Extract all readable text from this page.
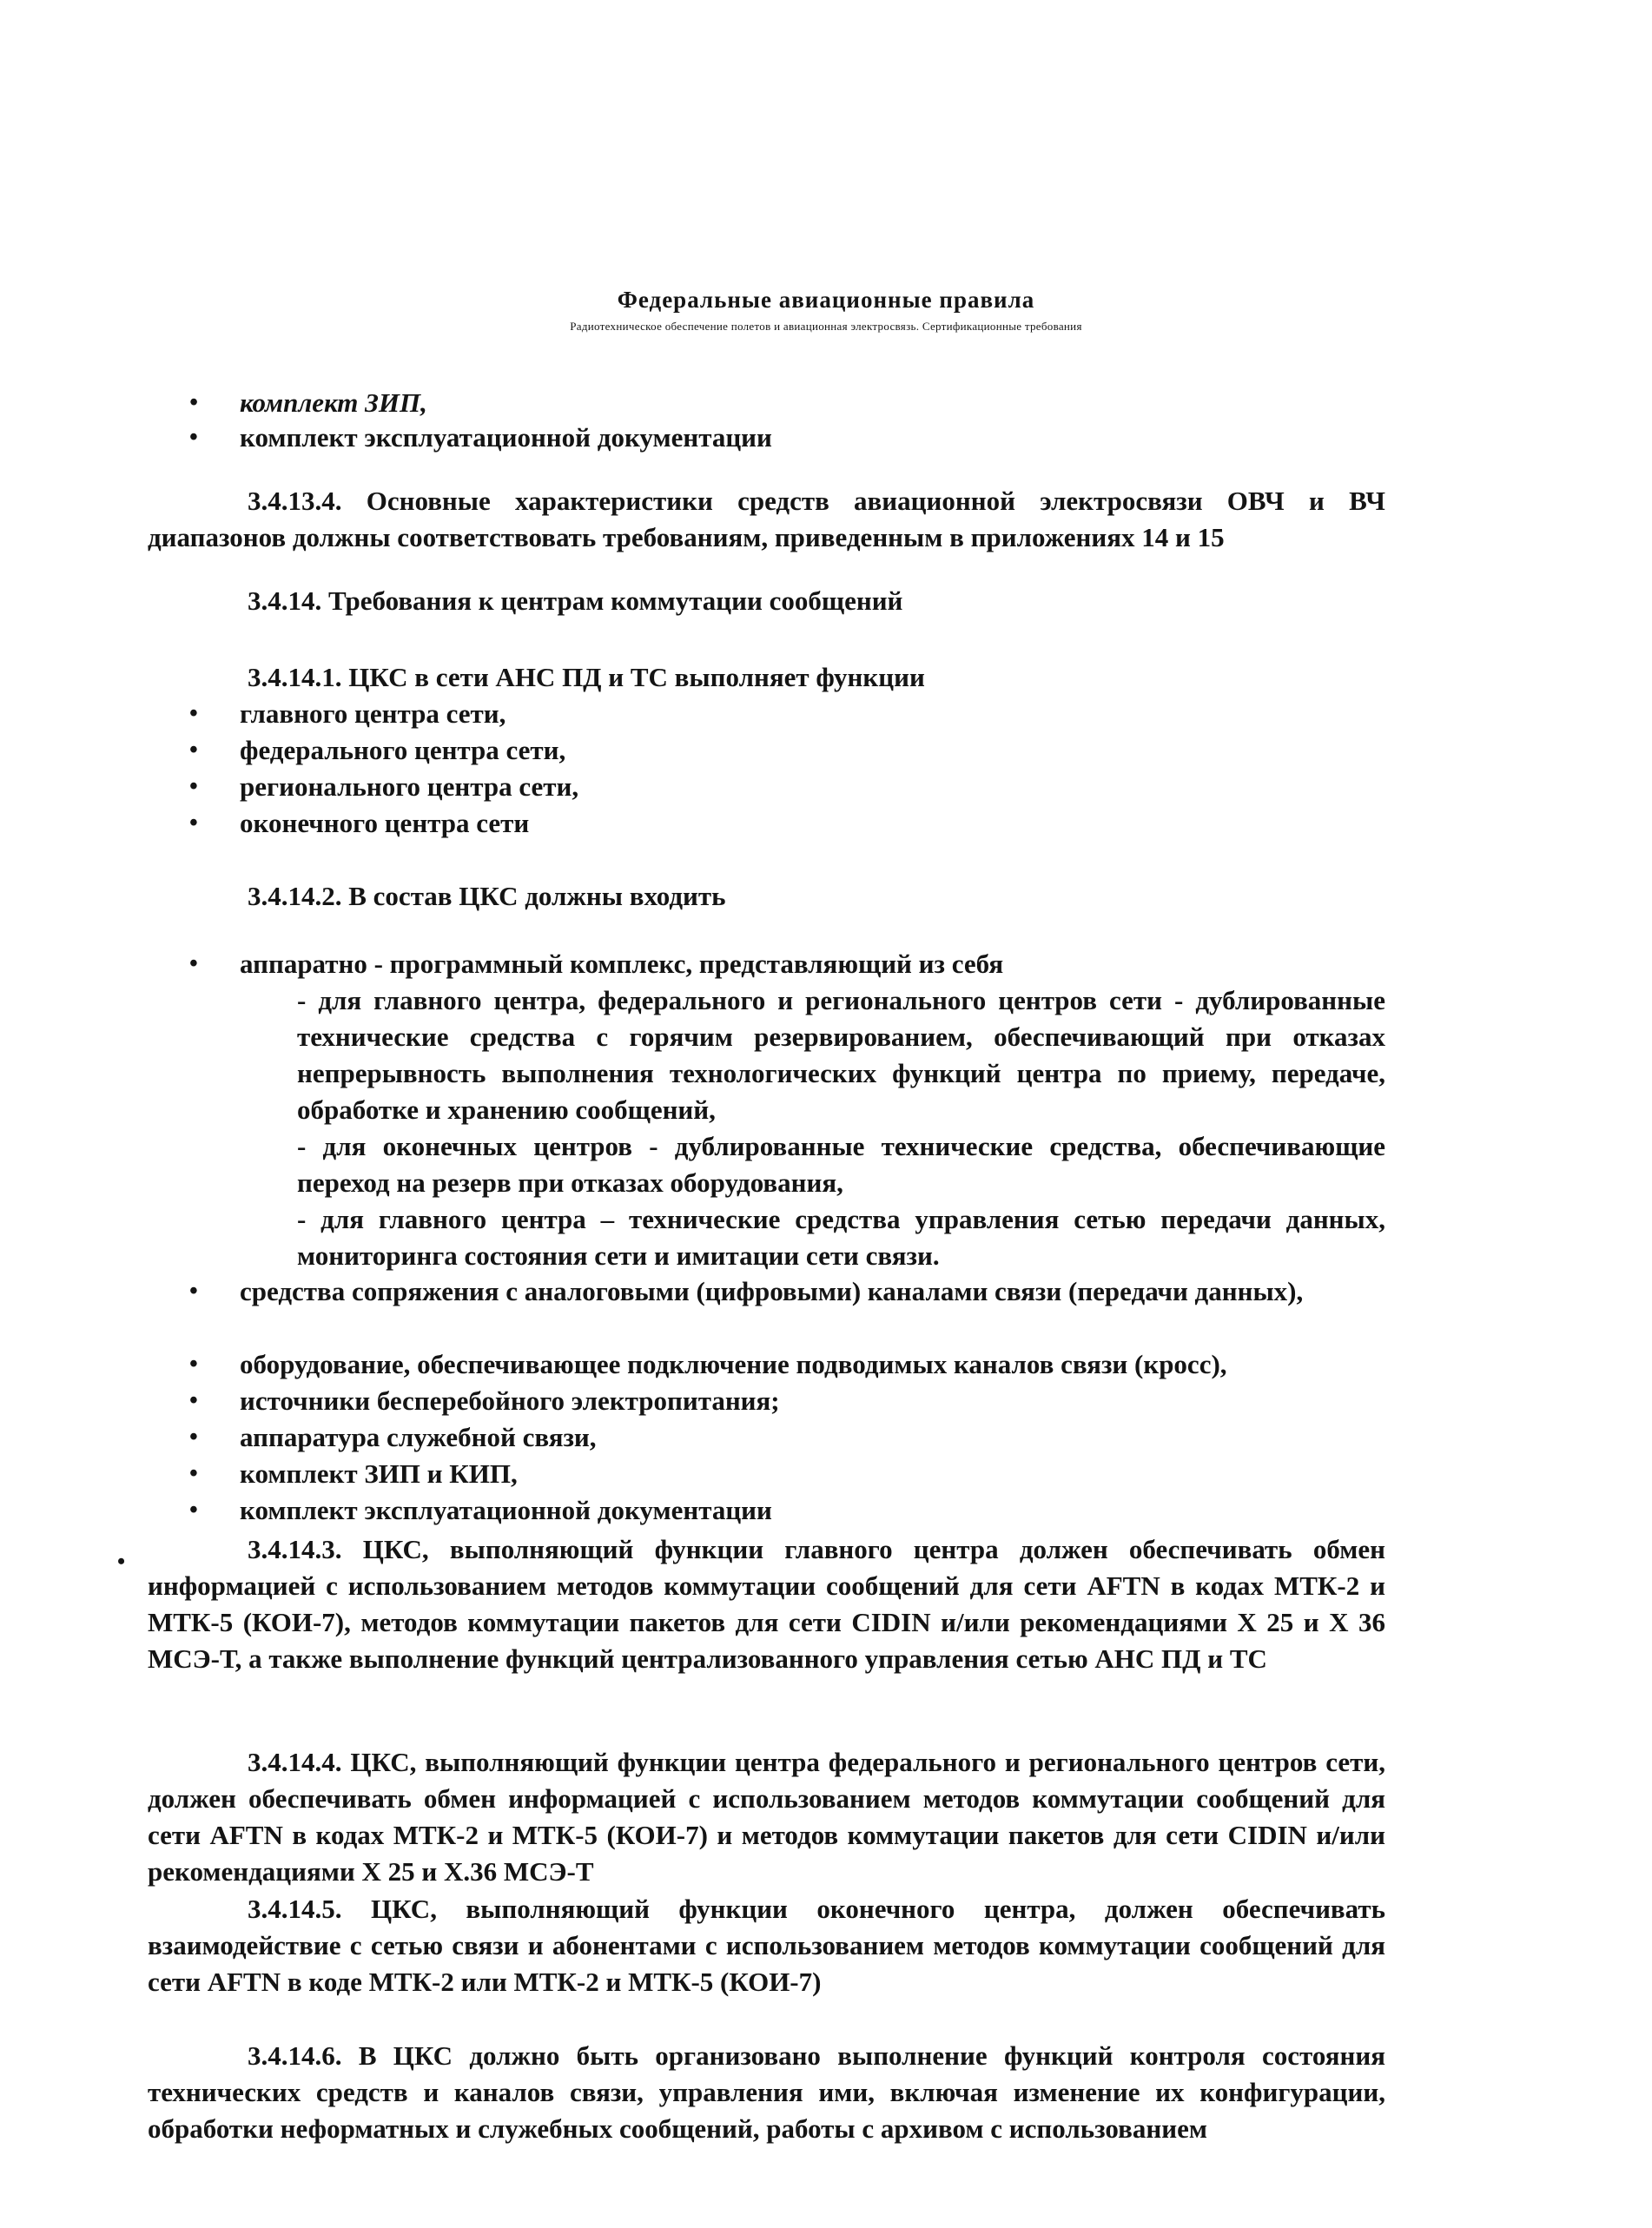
Федеральные авиационные правила
Радиотехническое обеспечение полетов и авиационная электросвязь. Сертификационные требования
• комплект ЗИП,
• комплект эксплуатационной документации
3.4.13.4. Основные характеристики средств авиационной электросвязи ОВЧ и ВЧ диапазонов должны соответствовать требованиям, приведенным в приложениях 14 и 15
3.4.14. Требования к центрам коммутации сообщений
3.4.14.1. ЦКС в сети АНС ПД и ТС выполняет функции
• главного центра сети,
• федерального центра сети,
• регионального центра сети,
• оконечного центра сети
3.4.14.2. В состав ЦКС должны входить
• аппаратно - программный комплекс, представляющий из себя
- для главного центра, федерального и регионального центров сети - дублированные технические средства с горячим резервированием, обеспечивающий при отказах непрерывность выполнения технологических функций центра по приему, передаче, обработке и хранению сообщений,
- для оконечных центров - дублированные технические средства, обеспечивающие переход на резерв при отказах оборудования,
- для главного центра – технические средства управления сетью передачи данных, мониторинга состояния сети и имитации сети связи.
• средства сопряжения с аналоговыми (цифровыми) каналами связи (передачи данных),
• оборудование, обеспечивающее подключение подводимых каналов связи (кросс),
• источники бесперебойного электропитания;
• аппаратура служебной связи,
• комплект ЗИП и КИП,
• комплект эксплуатационной документации
•	3.4.14.3. ЦКС, выполняющий функции главного центра должен обеспечивать обмен информацией с использованием методов коммутации сообщений для сети AFTN в кодах МТК-2 и МТК-5 (КОИ-7), методов коммутации пакетов для сети CIDIN и/или рекомендациями X 25 и X 36 МСЭ-Т, а также выполнение функций централизованного управления сетью АНС ПД и ТС
3.4.14.4. ЦКС, выполняющий функции центра федерального и регионального центров сети, должен обеспечивать обмен информацией с использованием методов коммутации сообщений для сети AFTN в кодах МТК-2 и МТК-5 (КОИ-7) и методов коммутации пакетов для сети CIDIN и/или рекомендациями X 25 и X.36 МСЭ-Т
3.4.14.5. ЦКС, выполняющий функции оконечного центра, должен обеспечивать взаимодействие с сетью связи и абонентами с использованием методов коммутации сообщений для сети AFTN в коде МТК-2 или МТК-2 и МТК-5 (КОИ-7)
3.4.14.6. В ЦКС должно быть организовано выполнение функций контроля состояния технических средств и каналов связи, управления ими, включая изменение их конфигурации, обработки неформатных и служебных сообщений, работы с архивом с использованием
